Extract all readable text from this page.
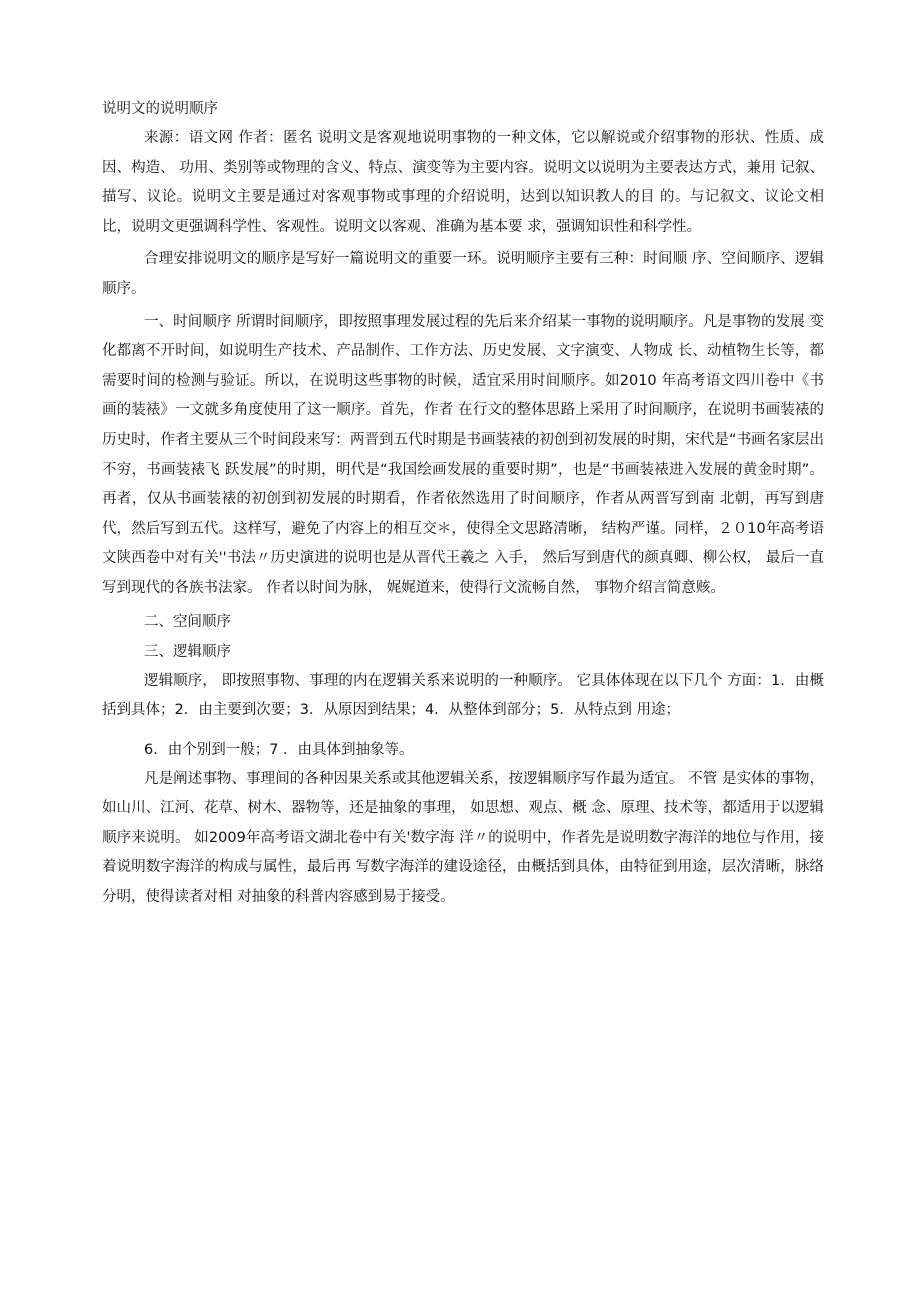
说明文的说明顺序

来源：语文网 作者：匿名 说明文是客观地说明事物的一种文体，它以解说或介绍事物的形状、性质、成因、构造、 功用、类别等或物理的含义、特点、演变等为主要内容。说明文以说明为主要表达方式，兼用 记叙、描写、议论。说明文主要是通过对客观事物或事理的介绍说明，达到以知识教人的目 的。与记叙文、议论文相比，说明文更强调科学性、客观性。说明文以客观、准确为基本要 求，强调知识性和科学性。

合理安排说明文的顺序是写好一篇说明文的重要一环。说明顺序主要有三种：时间顺 序、空间顺序、逻辑顺序。

一、时间顺序 所谓时间顺序，即按照事理发展过程的先后来介绍某一事物的说明顺序。凡是事物的发展 变化都离不开时间，如说明生产技术、产品制作、工作方法、历史发展、文字演变、人物成 长、动植物生长等，都需要时间的检测与验证。所以，在说明这些事物的时候，适宜采用时间顺序。如2010 年高考语文四川卷中《书画的装裱》一文就多角度使用了这一顺序。首先，作者 在行文的整体思路上采用了时间顺序，在说明书画装裱的历史时，作者主要从三个时间段来写：两晋到五代时期是书画装裱的初创到初发展的时期，宋代是“书画名家层出不穷，书画装裱飞 跃发展”的时期，明代是“我国绘画发展的重要时期”，也是“书画装裱进入发展的黄金时期”。 再者，仅从书画装裱的初创到初发展的时期看，作者依然选用了时间顺序，作者从两晋写到南 北朝，再写到唐代，然后写到五代。这样写，避免了内容上的相互交＊，使得全文思路清晰， 结构严谨。同样，２０10年高考语文陕西卷中对有关''书法〃历史演进的说明也是从晋代王羲之 入手， 然后写到唐代的颜真卿、柳公权， 最后一直写到现代的各族书法家。 作者以时间为脉， 娓娓道来，使得行文流畅自然， 事物介绍言简意赅。

二、空间顺序

三、逻辑顺序

逻辑顺序， 即按照事物、事理的内在逻辑关系来说明的一种顺序。 它具体体现在以下几个 方面：1．由概括到具体；2．由主要到次要；3．从原因到结果；4．从整体到部分；5．从特点到 用途；

6．由个别到一般；7 ．由具体到抽象等。

凡是阐述事物、事理间的各种因果关系或其他逻辑关系，按逻辑顺序写作最为适宜。 不管 是实体的事物， 如山川、江河、花草、树木、器物等，还是抽象的事理， 如思想、观点、概 念、原理、技术等，都适用于以逻辑顺序来说明。 如2009年高考语文湖北卷中有关'数字海 洋〃的说明中，作者先是说明数字海洋的地位与作用，接着说明数字海洋的构成与属性，最后再 写数字海洋的建设途径，由概括到具体，由特征到用途，层次清晰，脉络分明，使得读者对相 对抽象的科普内容感到易于接受。
